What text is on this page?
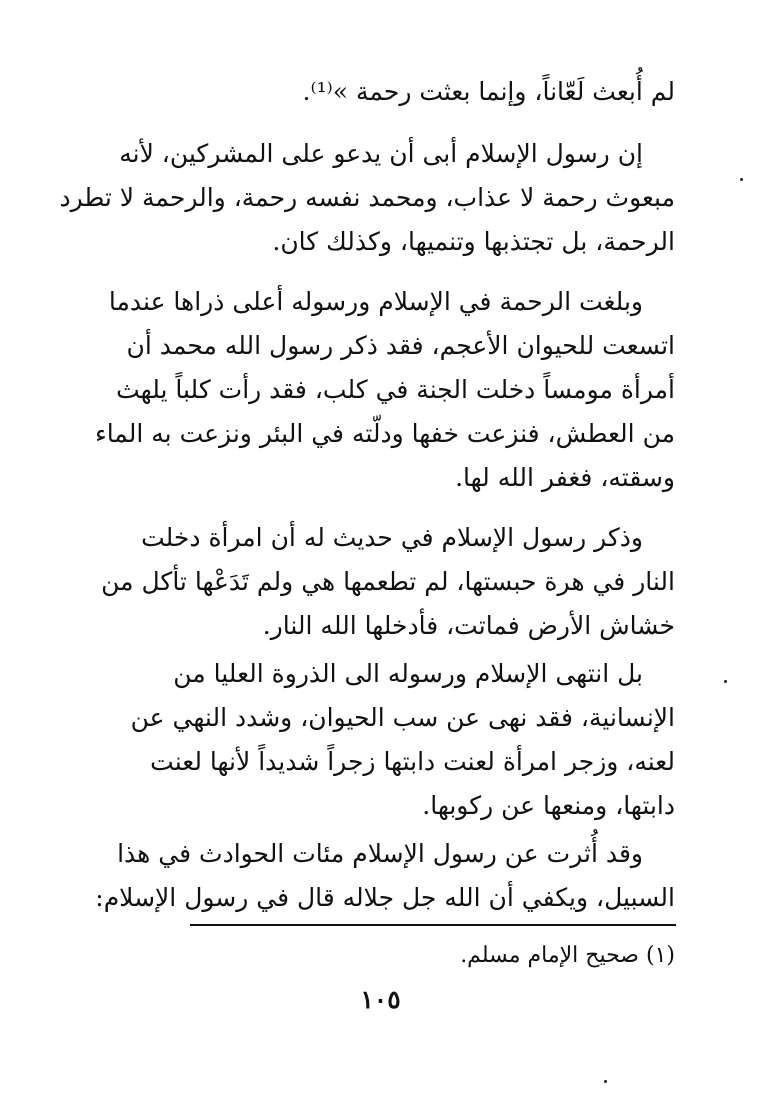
لم أُبعث لَعّاناً، وإنما بعثت رحمة »⁽¹⁾.
إن رسول الإسلام أبى أن يدعو على المشركين، لأنه
مبعوث رحمة لا عذاب، ومحمد نفسه رحمة، والرحمة لا تطرد
الرحمة، بل تجتذبها وتنميها، وكذلك كان.
وبلغت الرحمة في الإسلام ورسوله أعلى ذراها عندما
اتسعت للحيوان الأعجم، فقد ذكر رسول الله محمد أن
أمرأة مومساً دخلت الجنة في كلب، فقد رأت كلباً يلهث
من العطش، فنزعت خفها ودلّته في البئر ونزعت به الماء
وسقته، فغفر الله لها.
وذكر رسول الإسلام في حديث له أن امرأة دخلت
النار في هرة حبستها، لم تطعمها هي ولم تَدَعْها تأكل من
خشاش الأرض فماتت، فأدخلها الله النار.
بل انتهى الإسلام ورسوله الى الذروة العليا من
الإنسانية، فقد نهى عن سب الحيوان، وشدد النهي عن
لعنه، وزجر امرأة لعنت دابتها زجراً شديداً لأنها لعنت
دابتها، ومنعها عن ركوبها.
وقد أُثرت عن رسول الإسلام مئات الحوادث في هذا
السبيل، ويكفي أن الله جل جلاله قال في رسول الإسلام:
(١) صحيح الإمام مسلم.
١٠٥
